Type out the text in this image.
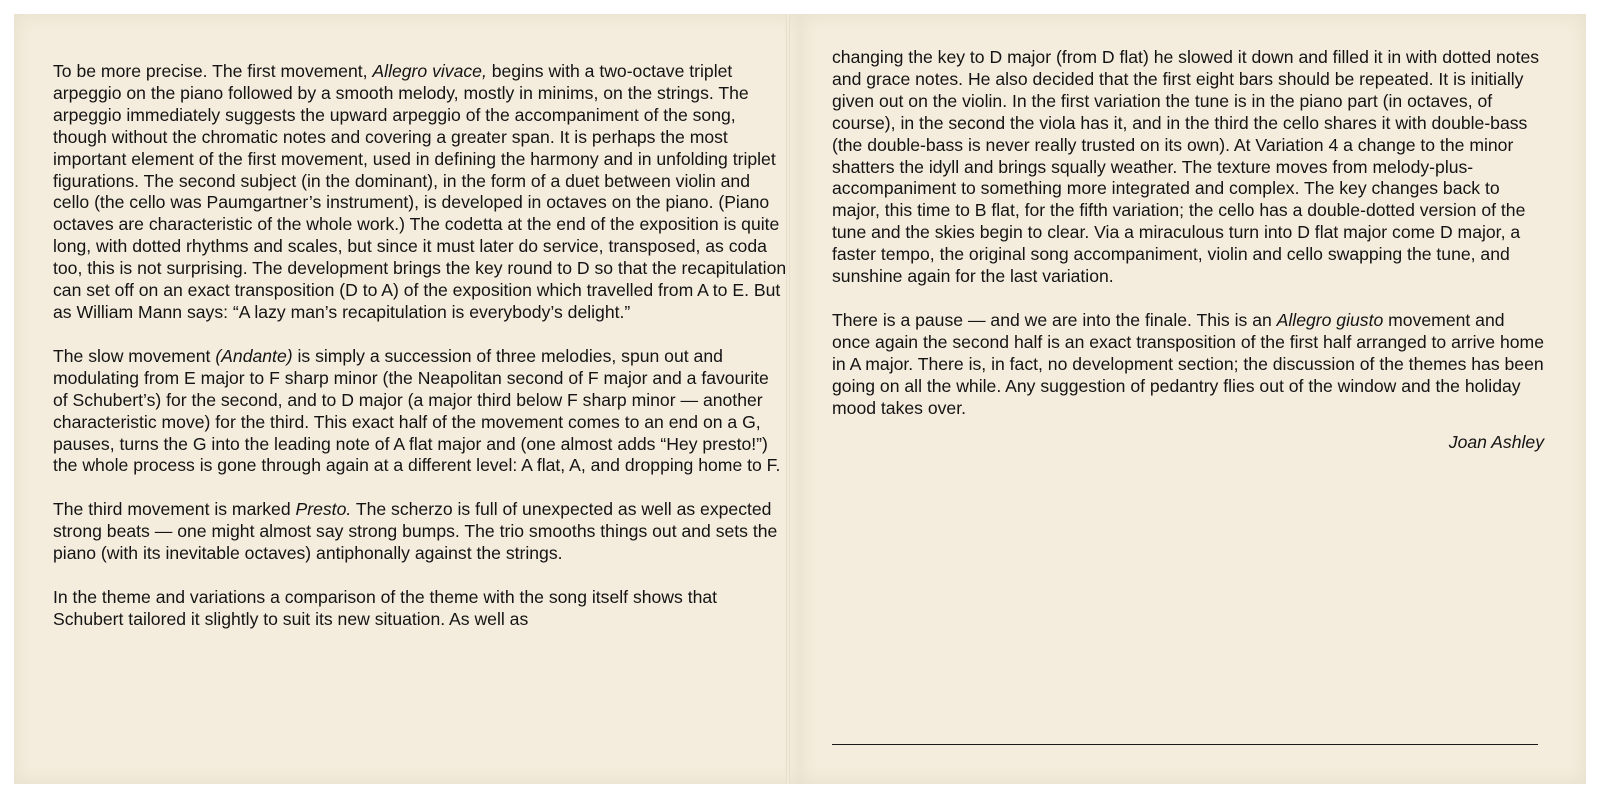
To be more precise. The first movement, Allegro vivace, begins with a two-octave triplet arpeggio on the piano followed by a smooth melody, mostly in minims, on the strings. The arpeggio immediately suggests the upward arpeggio of the accompaniment of the song, though without the chromatic notes and covering a greater span. It is perhaps the most important element of the first movement, used in defining the harmony and in unfolding triplet figurations. The second subject (in the dominant), in the form of a duet between violin and cello (the cello was Paumgartner’s instrument), is developed in octaves on the piano. (Piano octaves are characteristic of the whole work.) The codetta at the end of the exposition is quite long, with dotted rhythms and scales, but since it must later do service, transposed, as coda too, this is not surprising. The development brings the key round to D so that the recapitulation can set off on an exact transposition (D to A) of the exposition which travelled from A to E. But as William Mann says: “A lazy man’s recapitulation is everybody’s delight.”

The slow movement (Andante) is simply a succession of three melodies, spun out and modulating from E major to F sharp minor (the Neapolitan second of F major and a favourite of Schubert’s) for the second, and to D major (a major third below F sharp minor — another characteristic move) for the third. This exact half of the movement comes to an end on a G, pauses, turns the G into the leading note of A flat major and (one almost adds “Hey presto!”) the whole process is gone through again at a different level: A flat, A, and dropping home to F.

The third movement is marked Presto. The scherzo is full of unexpected as well as expected strong beats — one might almost say strong bumps. The trio smooths things out and sets the piano (with its inevitable octaves) antiphonally against the strings.

In the theme and variations a comparison of the theme with the song itself shows that Schubert tailored it slightly to suit its new situation. As well as

changing the key to D major (from D flat) he slowed it down and filled it in with dotted notes and grace notes. He also decided that the first eight bars should be repeated. It is initially given out on the violin. In the first variation the tune is in the piano part (in octaves, of course), in the second the viola has it, and in the third the cello shares it with double-bass (the double-bass is never really trusted on its own). At Variation 4 a change to the minor shatters the idyll and brings squally weather. The texture moves from melody-plus-accompaniment to something more integrated and complex. The key changes back to major, this time to B flat, for the fifth variation; the cello has a double-dotted version of the tune and the skies begin to clear. Via a miraculous turn into D flat major come D major, a faster tempo, the original song accompaniment, violin and cello swapping the tune, and sunshine again for the last variation.

There is a pause — and we are into the finale. This is an Allegro giusto movement and once again the second half is an exact transposition of the first half arranged to arrive home in A major. There is, in fact, no development section; the discussion of the themes has been going on all the while. Any suggestion of pedantry flies out of the window and the holiday mood takes over.

Joan Ashley
